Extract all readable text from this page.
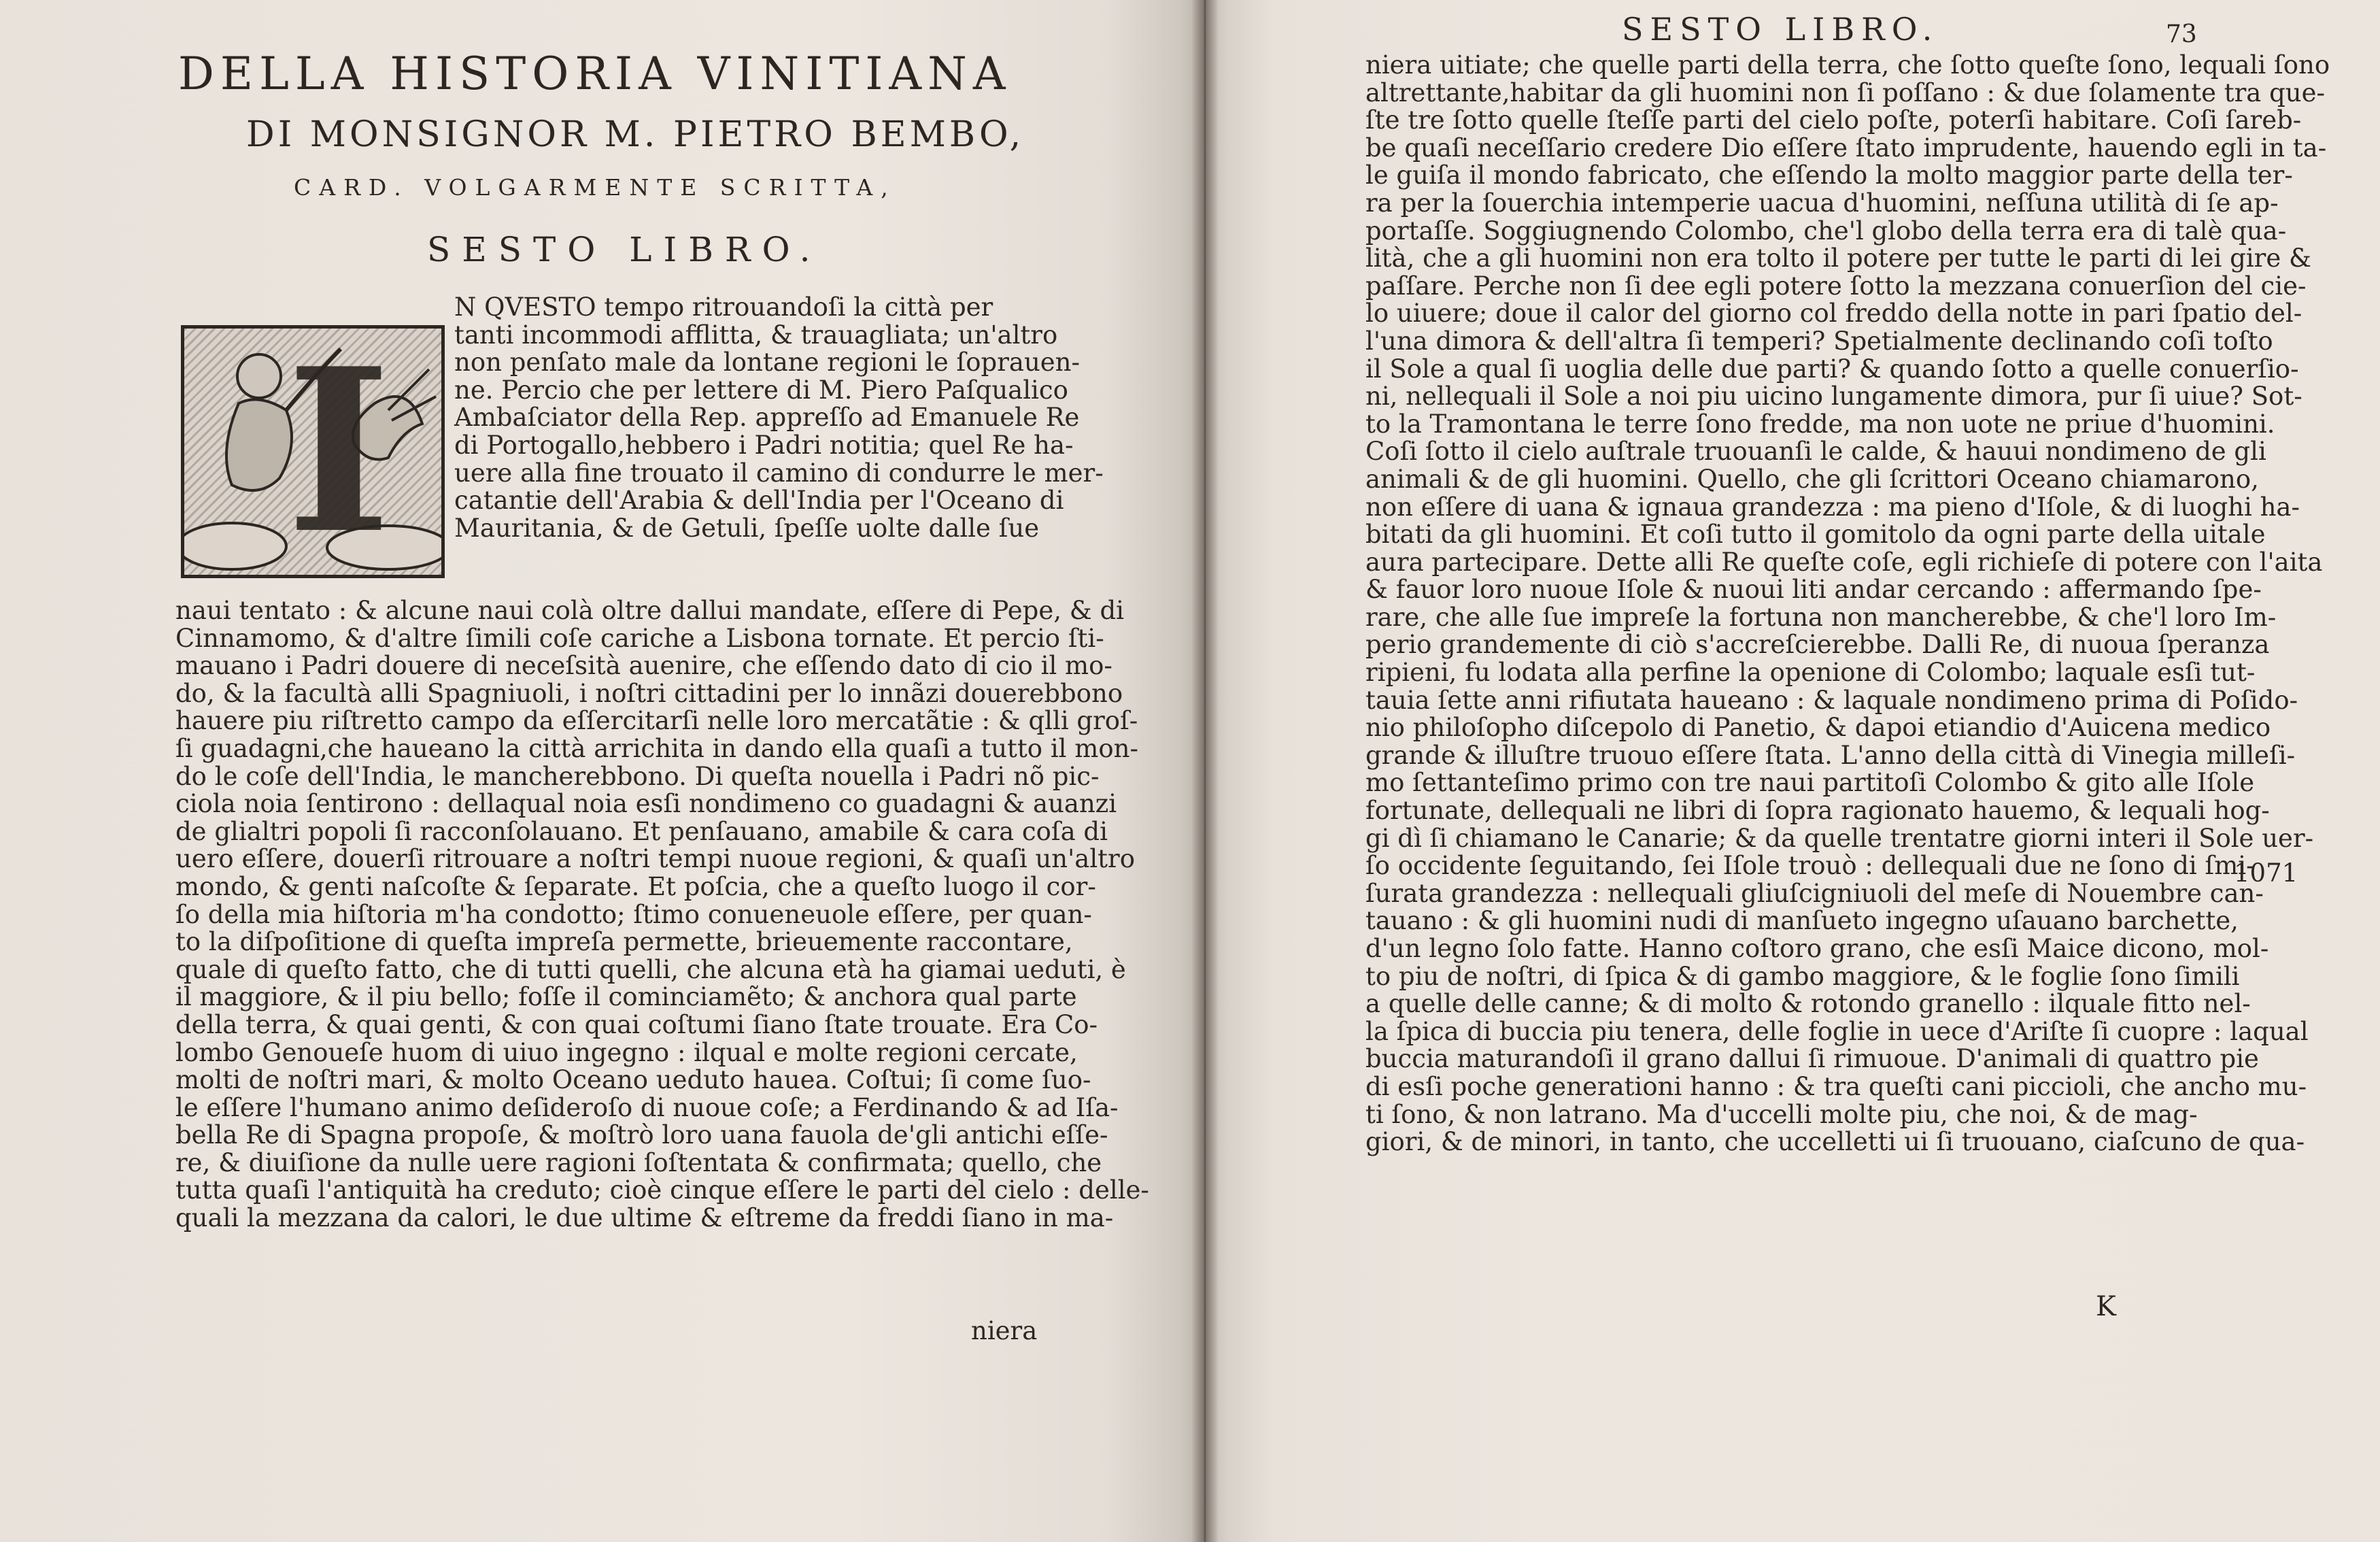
DELLA HISTORIA VINITIANA
DI MONSIGNOR M. PIETRO BEMBO,
CARD. VOLGARMENTE SCRITTA,
SESTO LIBRO.
I
N QVESTO tempo ritrouandoſi la città per
tanti incommodi afflitta, & trauagliata; un'altro
non penſato male da lontane regioni le ſoprauen-
ne. Percio che per lettere di M. Piero Paſqualico
Ambaſciator della Rep. appreſſo ad Emanuele Re
di Portogallo,hebbero i Padri notitia; quel Re ha-
uere alla fine trouato il camino di condurre le mer-
catantie dell'Arabia & dell'India per l'Oceano di
Mauritania, & de Getuli, ſpeſſe uolte dalle ſue
naui tentato : & alcune naui colà oltre dallui mandate, eſſere di Pepe, & di
Cinnamomo, & d'altre ſimili coſe cariche a Lisbona tornate. Et percio ſti-
mauano i Padri douere di neceſsità auenire, che eſſendo dato di cio il mo-
do, & la facultà alli Spagniuoli, i noſtri cittadini per lo innãzi douerebbono
hauere piu riſtretto campo da eſſercitarſi nelle loro mercatãtie : & qlli groſ-
ſi guadagni,che haueano la città arrichita in dando ella quaſi a tutto il mon-
do le coſe dell'India, le mancherebbono. Di queſta nouella i Padri nõ pic-
ciola noia ſentirono : dellaqual noia esſi nondimeno co guadagni & auanzi
de glialtri popoli ſi racconſolauano. Et penſauano, amabile & cara coſa di
uero eſſere, douerſi ritrouare a noſtri tempi nuoue regioni, & quaſi un'altro
mondo, & genti naſcoſte & ſeparate. Et poſcia, che a queſto luogo il cor-
ſo della mia hiſtoria m'ha condotto; ſtimo conueneuole eſſere, per quan-
to la diſpoſitione di queſta impreſa permette, brieuemente raccontare,
quale di queſto fatto, che di tutti quelli, che alcuna età ha giamai ueduti, è
il maggiore, & il piu bello; foſſe il cominciamẽto; & anchora qual parte
della terra, & quai genti, & con quai coſtumi ſiano ſtate trouate. Era Co-
lombo Genoueſe huom di uiuo ingegno : ilqual e molte regioni cercate,
molti de noſtri mari, & molto Oceano ueduto hauea. Coſtui; ſi come ſuo-
le eſſere l'humano animo deſideroſo di nuoue coſe; a Ferdinando & ad Iſa-
bella Re di Spagna propoſe, & moſtrò loro uana fauola de'gli antichi eſſe-
re, & diuiſione da nulle uere ragioni ſoſtentata & confirmata; quello, che
tutta quaſi l'antiquità ha creduto; cioè cinque eſſere le parti del cielo : delle-
quali la mezzana da calori, le due ultime & eſtreme da freddi ſiano in ma-
niera
SESTO LIBRO.	73
niera uitiate; che quelle parti della terra, che ſotto queſte ſono, lequali ſono
altrettante,habitar da gli huomini non ſi poſſano : & due ſolamente tra que-
ſte tre ſotto quelle ſteſſe parti del cielo poſte, poterſi habitare. Coſi ſareb-
be quaſi neceſſario credere Dio eſſere ſtato imprudente, hauendo egli in ta-
le guiſa il mondo fabricato, che eſſendo la molto maggior parte della ter-
ra per la ſouerchia intemperie uacua d'huomini, neſſuna utilità di ſe ap-
portaſſe. Soggiugnendo Colombo, che'l globo della terra era di talè qua-
lità, che a gli huomini non era tolto il potere per tutte le parti di lei gire &
paſſare. Perche non ſi dee egli potere ſotto la mezzana conuerſion del cie-
lo uiuere; doue il calor del giorno col freddo della notte in pari ſpatio del-
l'una dimora & dell'altra ſi temperi? Spetialmente declinando coſi toſto
il Sole a qual ſi uoglia delle due parti? & quando ſotto a quelle conuerſio-
ni, nellequali il Sole a noi piu uicino lungamente dimora, pur ſi uiue? Sot-
to la Tramontana le terre ſono fredde, ma non uote ne priue d'huomini.
Coſi ſotto il cielo auſtrale truouanſi le calde, & hauui nondimeno de gli
animali & de gli huomini. Quello, che gli ſcrittori Oceano chiamarono,
non eſſere di uana & ignaua grandezza : ma pieno d'Iſole, & di luoghi ha-
bitati da gli huomini. Et coſi tutto il gomitolo da ogni parte della uitale
aura partecipare. Dette alli Re queſte coſe, egli richieſe di potere con l'aita
& fauor loro nuoue Iſole & nuoui liti andar cercando : affermando ſpe-
rare, che alle ſue impreſe la fortuna non mancherebbe, & che'l loro Im-
perio grandemente di ciò s'accreſcierebbe. Dalli Re, di nuoua ſperanza
ripieni, fu lodata alla perfine la openione di Colombo; laquale esſi tut-
tauia ſette anni rifiutata haueano : & laquale nondimeno prima di Poſido-
nio philoſopho diſcepolo di Panetio, & dapoi etiandio d'Auicena medico
grande & illuſtre truouo eſſere ſtata. L'anno della città di Vinegia milleſi-
mo ſettanteſimo primo con tre naui partitoſi Colombo & gito alle Iſole
fortunate, dellequali ne libri di ſopra ragionato hauemo, & lequali hog-
gi dì ſi chiamano le Canarie; & da quelle trentatre giorni interi il Sole uer-
ſo occidente ſeguitando, ſei Iſole trouò : dellequali due ne ſono di ſmi-
ſurata grandezza : nellequali gliuſcigniuoli del meſe di Nouembre can-
tauano : & gli huomini nudi di manſueto ingegno uſauano barchette,
d'un legno ſolo fatte. Hanno coſtoro grano, che esſi Maice dicono, mol-
to piu de noſtri, di ſpica & di gambo maggiore, & le foglie ſono ſimili
a quelle delle canne; & di molto & rotondo granello : ilquale fitto nel-
la ſpica di buccia piu tenera, delle foglie in uece d'Ariſte ſi cuopre : laqual
buccia maturandoſi il grano dallui ſi rimuoue. D'animali di quattro pie
di esſi poche generationi hanno : & tra queſti cani piccioli, che ancho mu-
ti ſono, & non latrano. Ma d'uccelli molte piu, che noi, & de mag-
giori, & de minori, in tanto, che uccelletti ui ſi truouano, ciaſcuno de qua-
1071
K
